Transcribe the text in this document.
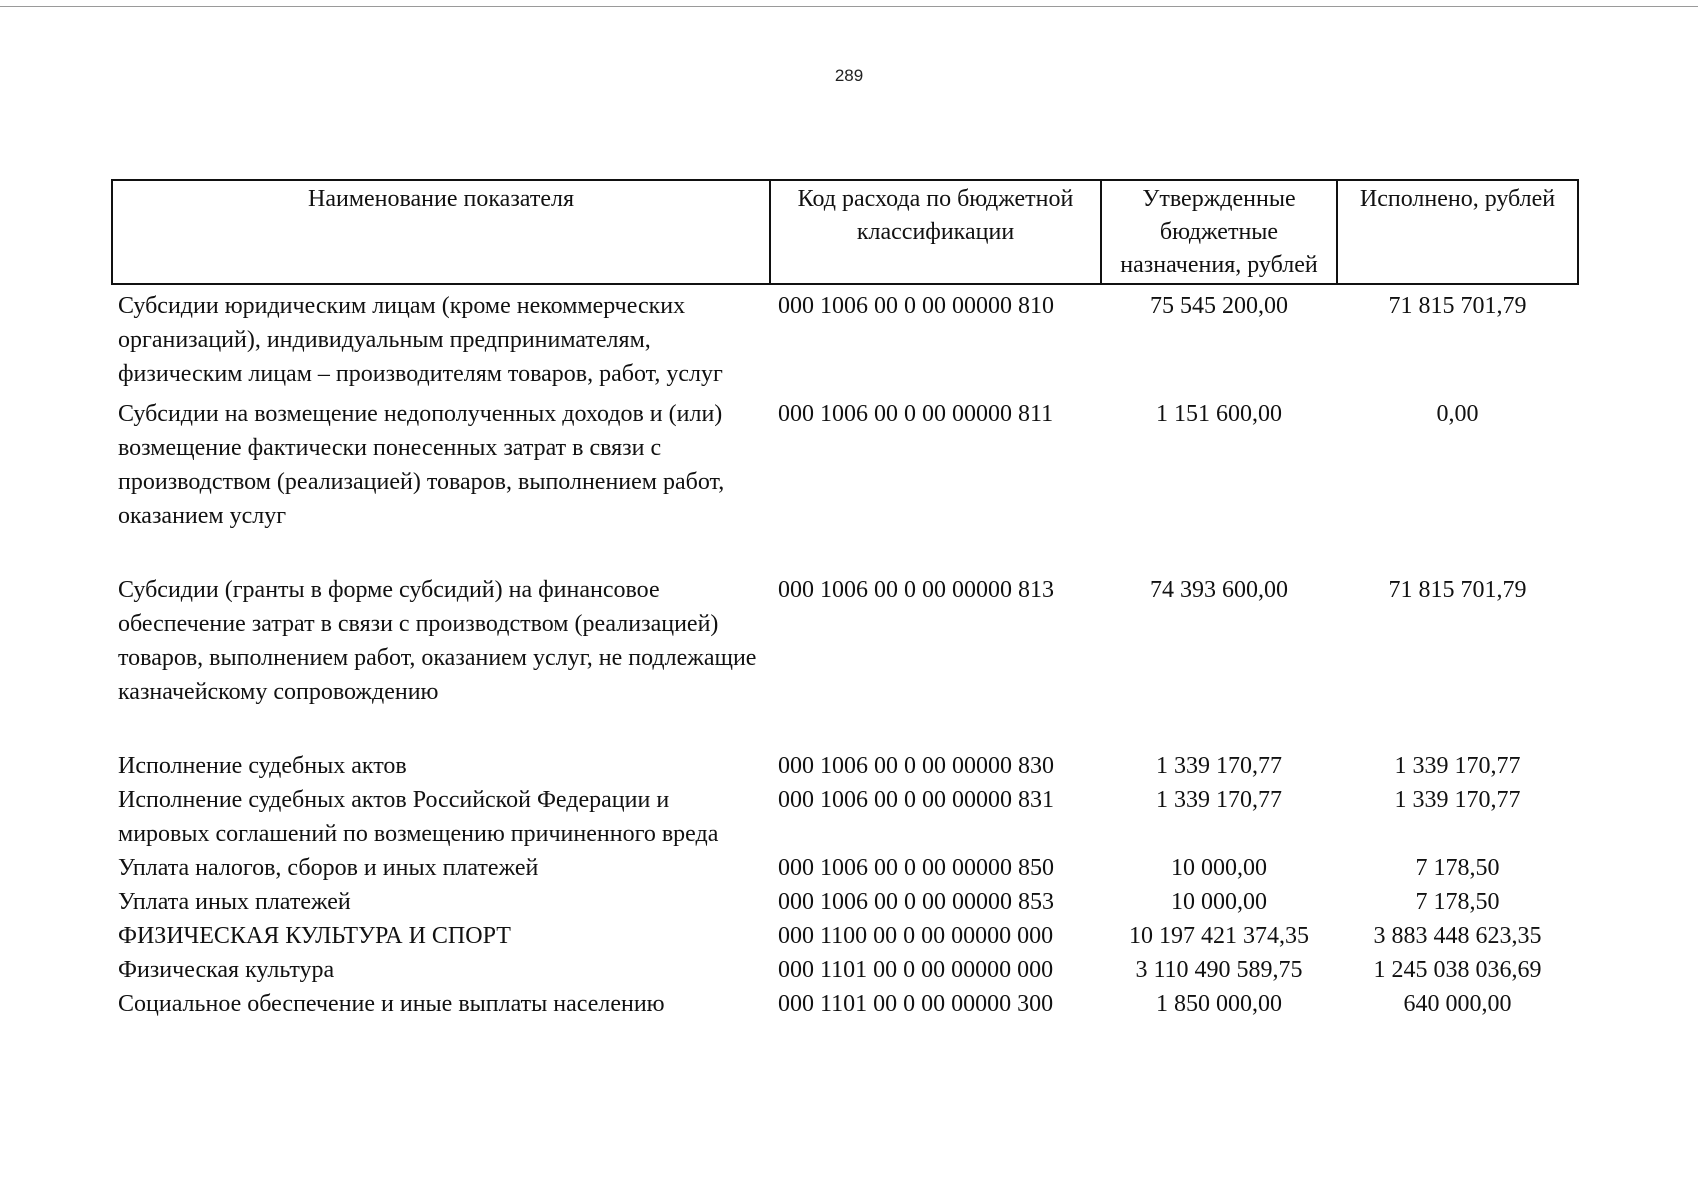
289
Наименование показателя	Код расхода по бюджетной классификации	Утвержденные бюджетные назначения, рублей	Исполнено, рублей
Субсидии юридическим лицам (кроме некоммерческих организаций), индивидуальным предпринимателям, физическим лицам – производителям товаров, работ, услуг	000 1006 00 0 00 00000 810	75 545 200,00	71 815 701,79
Субсидии на возмещение недополученных доходов и (или) возмещение фактически понесенных затрат в связи с производством (реализацией) товаров, выполнением работ, оказанием услуг	000 1006 00 0 00 00000 811	1 151 600,00	0,00
Субсидии (гранты в форме субсидий) на финансовое обеспечение затрат в связи с производством (реализацией) товаров, выполнением работ, оказанием услуг, не подлежащие казначейскому сопровождению	000 1006 00 0 00 00000 813	74 393 600,00	71 815 701,79
Исполнение судебных актов	000 1006 00 0 00 00000 830	1 339 170,77	1 339 170,77
Исполнение судебных актов Российской Федерации и мировых соглашений по возмещению причиненного вреда	000 1006 00 0 00 00000 831	1 339 170,77	1 339 170,77
Уплата налогов, сборов и иных платежей	000 1006 00 0 00 00000 850	10 000,00	7 178,50
Уплата иных платежей	000 1006 00 0 00 00000 853	10 000,00	7 178,50
ФИЗИЧЕСКАЯ КУЛЬТУРА И СПОРТ	000 1100 00 0 00 00000 000	10 197 421 374,35	3 883 448 623,35
Физическая культура	000 1101 00 0 00 00000 000	3 110 490 589,75	1 245 038 036,69
Социальное обеспечение и иные выплаты населению	000 1101 00 0 00 00000 300	1 850 000,00	640 000,00
